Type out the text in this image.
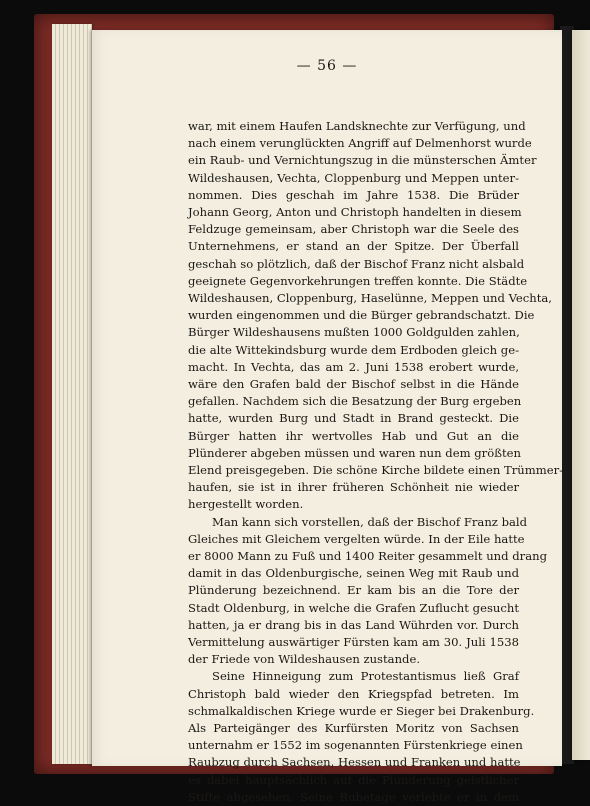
— 56 —
war, mit einem Haufen Landsknechte zur Verfügung, und
nach einem verunglückten Angriff auf Delmenhorst wurde
ein Raub- und Vernichtungszug in die münsterschen Ämter
Wildeshausen, Vechta, Cloppenburg und Meppen unter-
nommen. Dies geschah im Jahre 1538. Die Brüder
Johann Georg, Anton und Christoph handelten in diesem
Feldzuge gemeinsam, aber Christoph war die Seele des
Unternehmens, er stand an der Spitze. Der Überfall
geschah so plötzlich, daß der Bischof Franz nicht alsbald
geeignete Gegenvorkehrungen treffen konnte. Die Städte
Wildeshausen, Cloppenburg, Haselünne, Meppen und Vechta,
wurden eingenommen und die Bürger gebrandschatzt. Die
Bürger Wildeshausens mußten 1000 Goldgulden zahlen,
die alte Wittekindsburg wurde dem Erdboden gleich ge-
macht. In Vechta, das am 2. Juni 1538 erobert wurde,
wäre den Grafen bald der Bischof selbst in die Hände
gefallen. Nachdem sich die Besatzung der Burg ergeben
hatte, wurden Burg und Stadt in Brand gesteckt. Die
Bürger hatten ihr wertvolles Hab und Gut an die
Plünderer abgeben müssen und waren nun dem größten
Elend preisgegeben. Die schöne Kirche bildete einen Trümmer-
haufen, sie ist in ihrer früheren Schönheit nie wieder
hergestellt worden.
Man kann sich vorstellen, daß der Bischof Franz bald
Gleiches mit Gleichem vergelten würde. In der Eile hatte
er 8000 Mann zu Fuß und 1400 Reiter gesammelt und drang
damit in das Oldenburgische, seinen Weg mit Raub und
Plünderung bezeichnend. Er kam bis an die Tore der
Stadt Oldenburg, in welche die Grafen Zuflucht gesucht
hatten, ja er drang bis in das Land Wührden vor. Durch
Vermittelung auswärtiger Fürsten kam am 30. Juli 1538
der Friede von Wildeshausen zustande.
Seine Hinneigung zum Protestantismus ließ Graf
Christoph bald wieder den Kriegspfad betreten. Im
schmalkaldischen Kriege wurde er Sieger bei Drakenburg.
Als Parteigänger des Kurfürsten Moritz von Sachsen
unternahm er 1552 im sogenannten Fürstenkriege einen
Raubzug durch Sachsen, Hessen und Franken und hatte
es dabei hauptsächlich auf die Plünderung geistlicher
Stifte abgesehen. Seine Ruhetage verlebte er in dem
